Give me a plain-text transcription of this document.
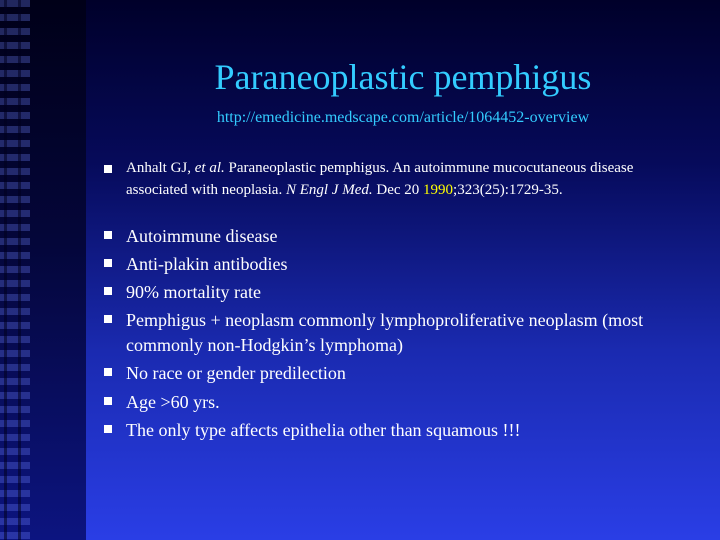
Paraneoplastic pemphigus
http://emedicine.medscape.com/article/1064452-overview
Anhalt GJ, et al. Paraneoplastic pemphigus. An autoimmune mucocutaneous disease associated with neoplasia. N Engl J Med. Dec 20 1990;323(25):1729-35.
Autoimmune disease
Anti-plakin antibodies
90% mortality rate
Pemphigus + neoplasm commonly lymphoproliferative neoplasm (most commonly non-Hodgkin’s lymphoma)
No race or gender predilection
Age >60 yrs.
The only type affects epithelia other than squamous !!!
